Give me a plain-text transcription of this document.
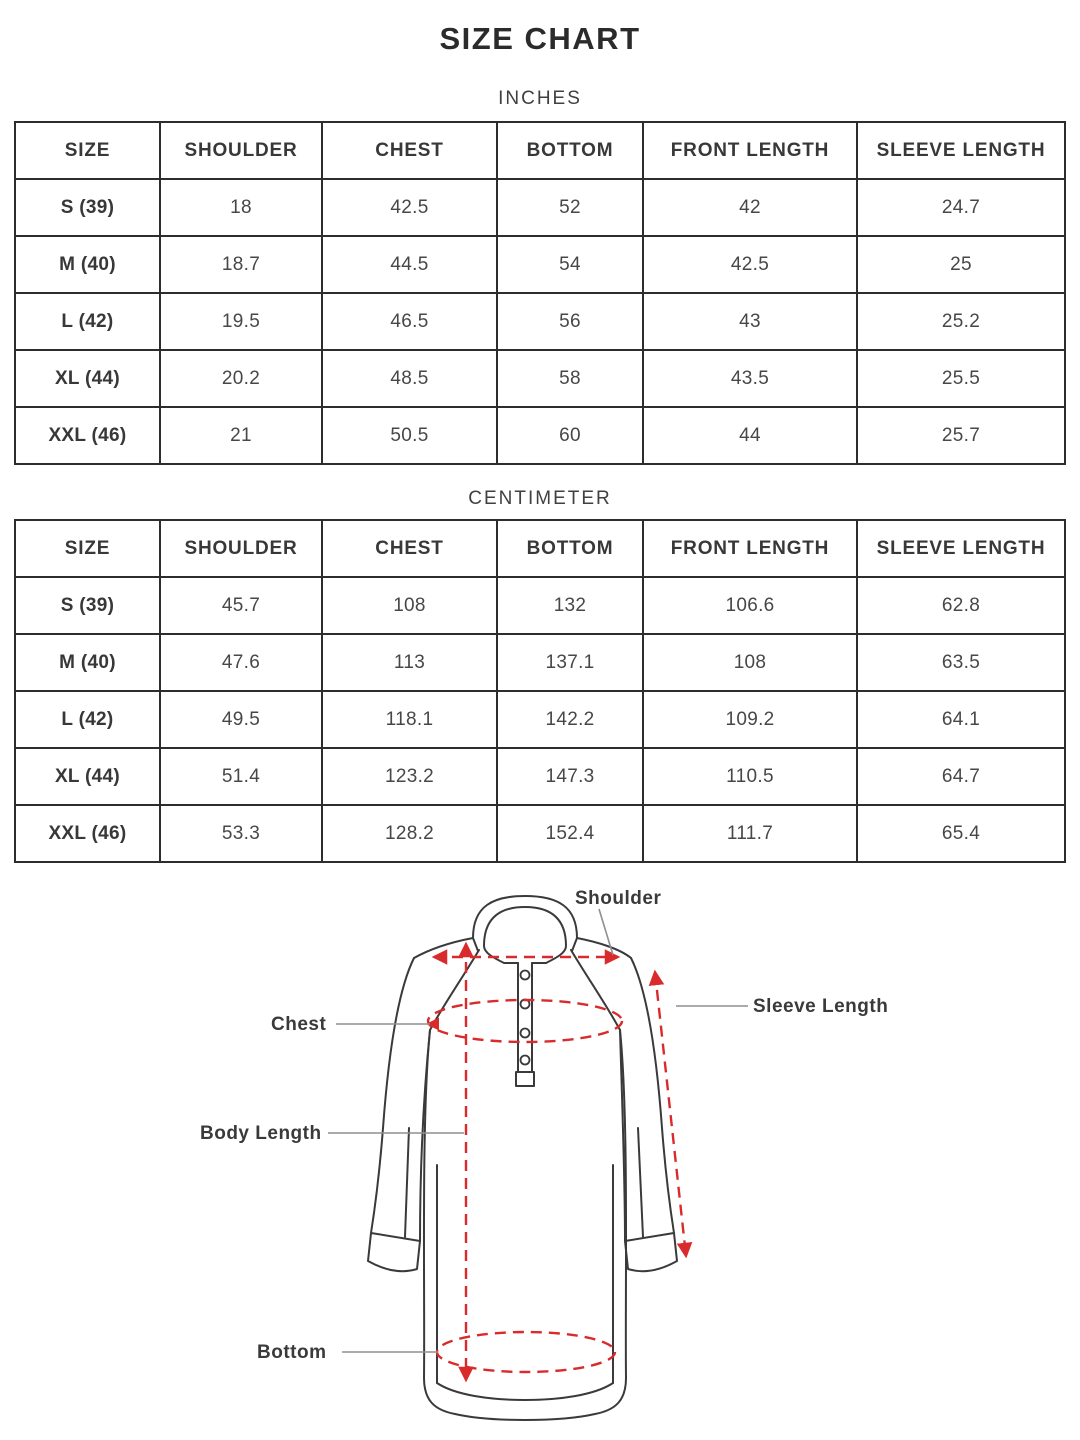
SIZE CHART
INCHES
SIZE	SHOULDER	CHEST	BOTTOM	FRONT LENGTH	SLEEVE LENGTH
S (39)	18	42.5	52	42	24.7
M (40)	18.7	44.5	54	42.5	25
L (42)	19.5	46.5	56	43	25.2
XL (44)	20.2	48.5	58	43.5	25.5
XXL (46)	21	50.5	60	44	25.7
CENTIMETER
SIZE	SHOULDER	CHEST	BOTTOM	FRONT LENGTH	SLEEVE LENGTH
S (39)	45.7	108	132	106.6	62.8
M (40)	47.6	113	137.1	108	63.5
L (42)	49.5	118.1	142.2	109.2	64.1
XL (44)	51.4	123.2	147.3	110.5	64.7
XXL (46)	53.3	128.2	152.4	111.7	65.4
Shoulder
Sleeve Length
Chest
Body Length
Bottom
